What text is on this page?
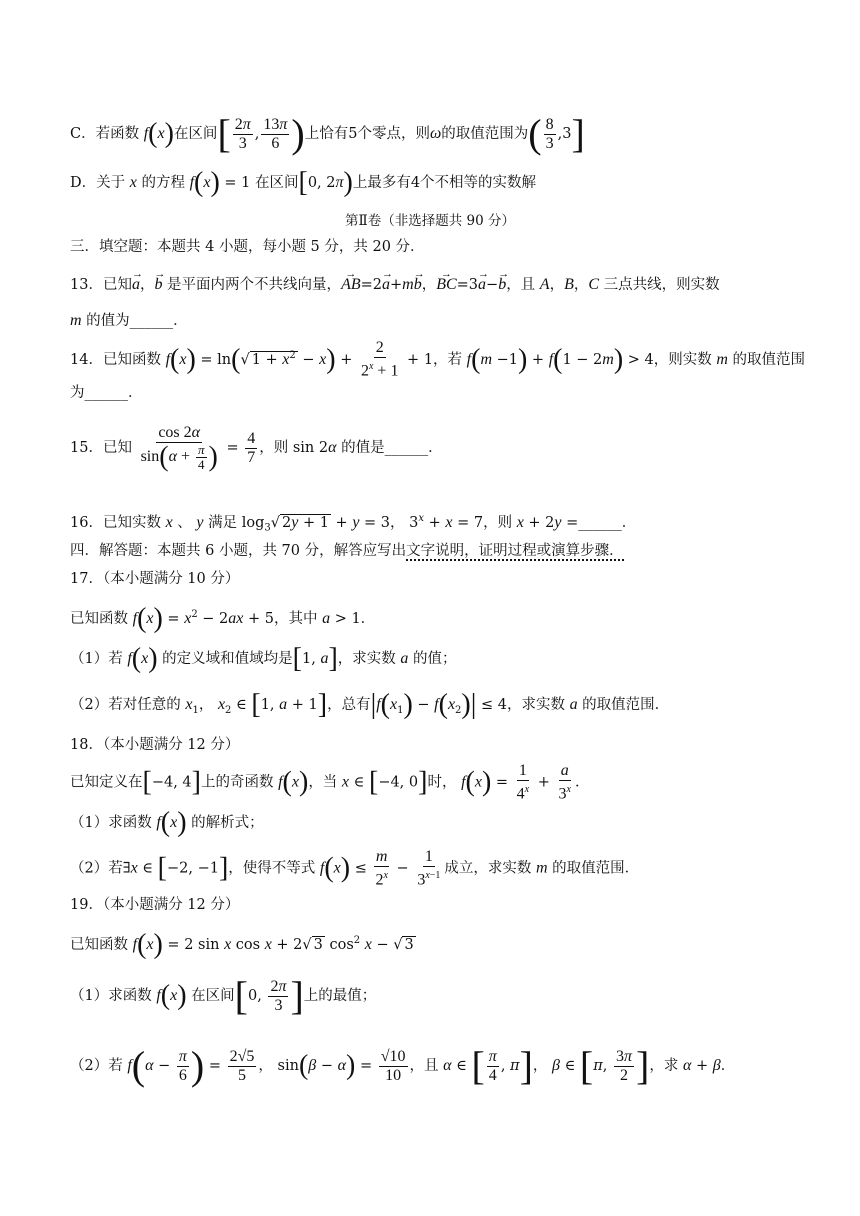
C．若函数 f(x)在区间[ $\frac{2\pi}{3}$ , $\frac{13\pi}{6}$ )上恰有5个零点，则ω的取值范围为( $\frac{8}{3} ,3$]
D．关于 x 的方程 f(x) = 1 在区间[0, 2π)上最多有4个不相等的实数解
第Ⅱ卷（非选择题共 90 分）
三．填空题：本题共 4 小题，每小题 5 分，共 20 分．
13．已知→ a，→ b 是平面内两个不共线向量，→ AB=2→ a+m→ b，→ BC=3→ a−→ b，且 A，B，C 三点共线，则实数
m 的值为______．
14．已知函数 f(x) = ln(√ $1 + x^2 - x) + \frac{2}{2^x + 1} + 1$，若 f(m −1) + f(1 − 2m) > 4，则实数 m 的取值范围
为______．
15．已知 $\frac{\cos 2\alpha}{\sin(\alpha + \frac{\pi}{4} )} = \frac{4}{7}$ ，则 sin 2α 的值是______．
16．已知实数 x 、 y 满足 $\log_3√$ 2y + 1 + y = 3， $3^x + x = 7$，则 x + 2y =______．
四．解答题：本题共 6 小题，共 70 分，解答应写出文字说明，证明过程或演算步骤．
17．（本小题满分 10 分）
已知函数 $f(x) = x^2 - 2ax + 5$，其中 a > 1．
（1）若 f(x) 的定义域和值域均是[1, a]，求实数 a 的值；
（2）若对任意的 $x_1$， $x_2$ ∈ [1, a + 1]，总有$|f(x_1) - f(x_2)| \le 4$，求实数 a 的取值范围．
18．（本小题满分 12 分）
已知定义在[−4, 4]上的奇函数 f(x)，当 x ∈ [−4, 0]时， $f(x) = \frac{1}{4^x} + \frac{a}{3^x}$ ．
（1）求函数 f(x) 的解析式；
（2）若∃x ∈ [−2, −1]，使得不等式 $f(x) \le \frac{m}{2^x} - \frac{1}{3^{x-1}}$ 成立，求实数 m 的取值范围．
19．（本小题满分 12 分）
已知函数 f(x) = 2 sin x cos x + 2√ 3 $\cos^2 x$ − √ 3
（1）求函数 f(x) 在区间[0, $\frac{2\pi}{3}$ ]上的最值；
（2）若 $f(\alpha - \frac{\pi}{6}$ ) = $\frac{2√5}{5}$ ， $\sin(\beta - \alpha) = \frac{√10}{10}$ ，且 α ∈ [ $\frac{\pi}{4}$ , π]， β ∈ [π, $\frac{3\pi}{2}$ ]，求 α + β．
